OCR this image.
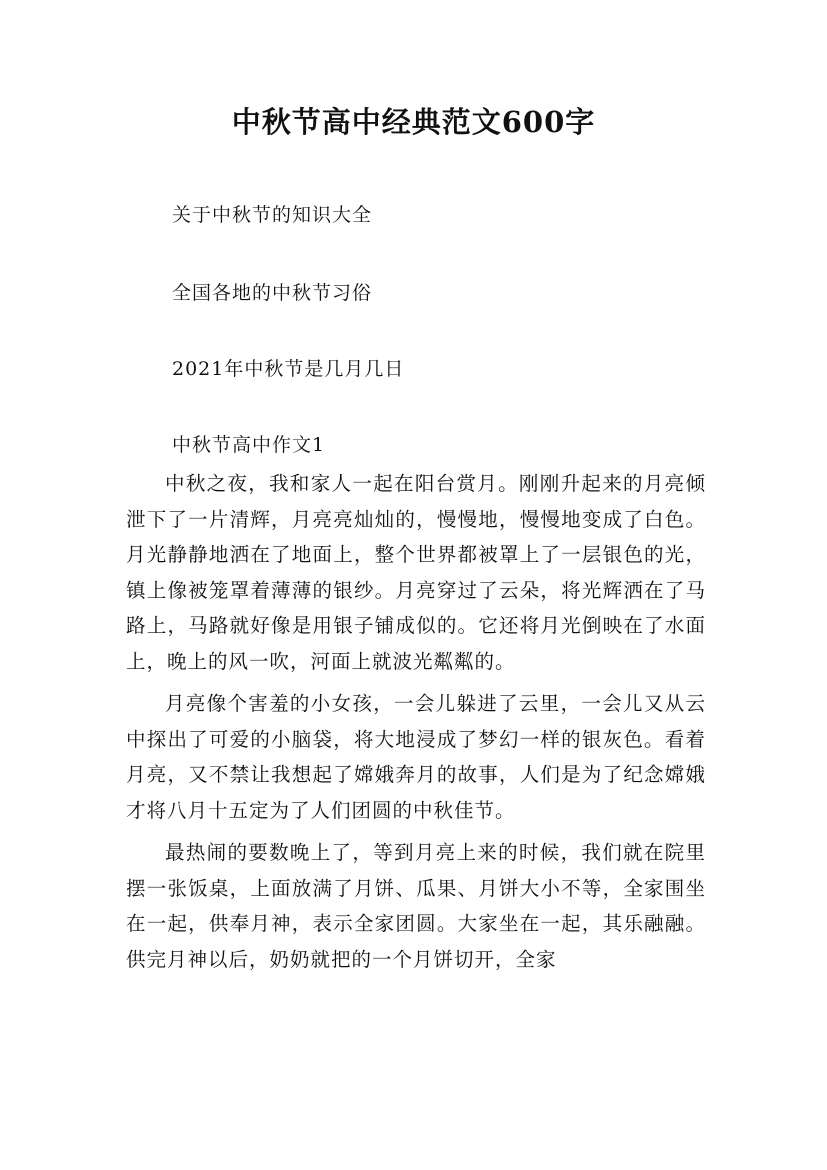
中秋节高中经典范文600字

关于中秋节的知识大全

全国各地的中秋节习俗

2021年中秋节是几月几日

中秋节高中作文1

中秋之夜，我和家人一起在阳台赏月。刚刚升起来的月亮倾泄下了一片清辉，月亮亮灿灿的，慢慢地，慢慢地变成了白色。月光静静地洒在了地面上，整个世界都被罩上了一层银色的光，镇上像被笼罩着薄薄的银纱。月亮穿过了云朵，将光辉洒在了马路上，马路就好像是用银子铺成似的。它还将月光倒映在了水面上，晚上的风一吹，河面上就波光粼粼的。

月亮像个害羞的小女孩，一会儿躲进了云里，一会儿又从云中探出了可爱的小脑袋，将大地浸成了梦幻一样的银灰色。看着月亮，又不禁让我想起了嫦娥奔月的故事，人们是为了纪念嫦娥才将八月十五定为了人们团圆的中秋佳节。

最热闹的要数晚上了，等到月亮上来的时候，我们就在院里摆一张饭桌，上面放满了月饼、瓜果、月饼大小不等，全家围坐在一起，供奉月神，表示全家团圆。大家坐在一起，其乐融融。供完月神以后，奶奶就把的一个月饼切开，全家
